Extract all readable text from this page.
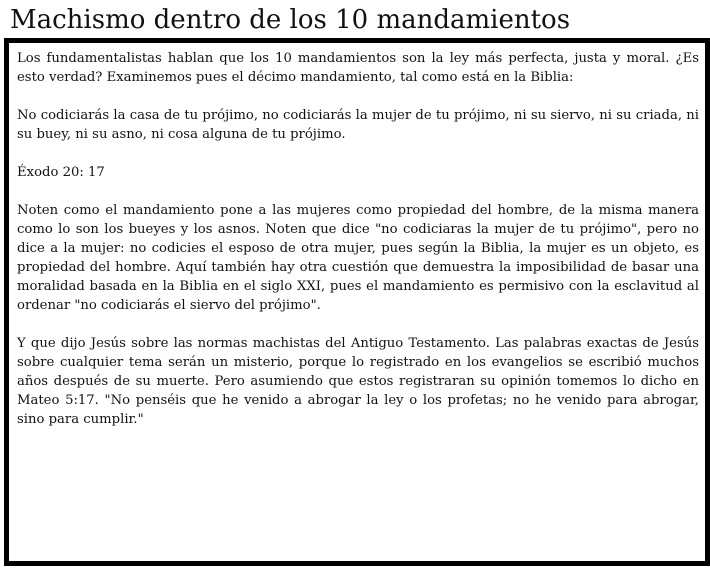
Machismo dentro de los 10 mandamientos

Los fundamentalistas hablan que los 10 mandamientos son la ley más perfecta, justa y moral. ¿Es esto verdad? Examinemos pues el décimo mandamiento, tal como está en la Biblia:

No codiciarás la casa de tu prójimo, no codiciarás la mujer de tu prójimo, ni su siervo, ni su criada, ni su buey, ni su asno, ni cosa alguna de tu prójimo.

Éxodo 20: 17

Noten como el mandamiento pone a las mujeres como propiedad del hombre, de la misma manera como lo son los bueyes y los asnos. Noten que dice "no codiciaras la mujer de tu prójimo", pero no dice a la mujer: no codicies el esposo de otra mujer, pues según la Biblia, la mujer es un objeto, es propiedad del hombre. Aquí también hay otra cuestión que demuestra la imposibilidad de basar una moralidad basada en la Biblia en el siglo XXI, pues el mandamiento es permisivo con la esclavitud al ordenar "no codiciarás el siervo del prójimo".

Y que dijo Jesús sobre las normas machistas del Antiguo Testamento. Las palabras exactas de Jesús sobre cualquier tema serán un misterio, porque lo registrado en los evangelios se escribió muchos años después de su muerte. Pero asumiendo que estos registraran su opinión tomemos lo dicho en Mateo 5:17. "No penséis que he venido a abrogar la ley o los profetas; no he venido para abrogar, sino para cumplir."
